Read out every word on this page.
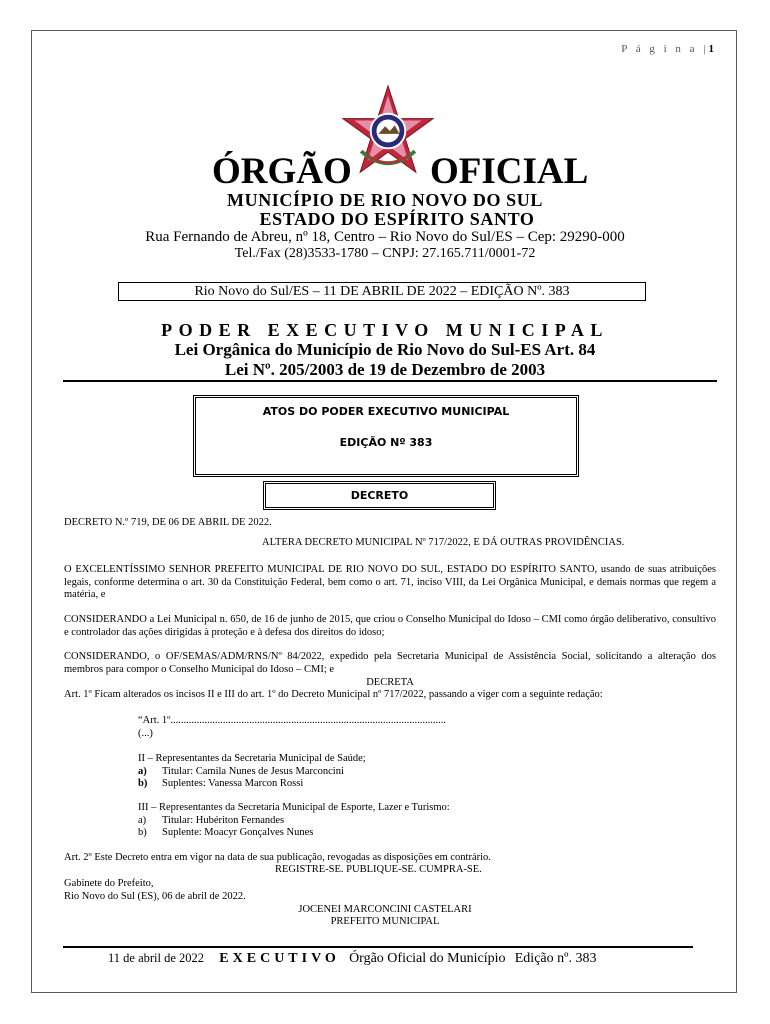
P á g i n a |1
ÓRGÃO OFICIAL
MUNICÍPIO DE RIO NOVO DO SUL
ESTADO DO ESPÍRITO SANTO
Rua Fernando de Abreu, nº 18, Centro – Rio Novo do Sul/ES – Cep: 29290-000
Tel./Fax (28)3533-1780 – CNPJ: 27.165.711/0001-72
Rio Novo do Sul/ES – 11 DE ABRIL DE 2022 – EDIÇÃO Nº. 383
PODER EXECUTIVO MUNICIPAL
Lei Orgânica do Município de Rio Novo do Sul-ES Art. 84
Lei Nº. 205/2003 de 19 de Dezembro de 2003
ATOS DO PODER EXECUTIVO MUNICIPAL
EDIÇÃO Nº 383
DECRETO
DECRETO N.º 719, DE 06 DE ABRIL DE 2022.
ALTERA DECRETO MUNICIPAL Nº 717/2022, E DÁ OUTRAS PROVIDÊNCIAS.
O EXCELENTÍSSIMO SENHOR PREFEITO MUNICIPAL DE RIO NOVO DO SUL, ESTADO DO ESPÍRITO SANTO, usando de suas atribuições legais, conforme determina o art. 30 da Constituição Federal, bem como o art. 71, inciso VIII, da Lei Orgânica Municipal, e demais normas que regem a matéria, e
CONSIDERANDO a Lei Municipal n. 650, de 16 de junho de 2015, que criou o Conselho Municipal do Idoso – CMI como órgão deliberativo, consultivo e controlador das ações dirigidas à proteção e à defesa dos direitos do idoso;
CONSIDERANDO, o OF/SEMAS/ADM/RNS/Nº 84/2022, expedido pela Secretaria Municipal de Assistência Social, solicitando a alteração dos membros para compor o Conselho Municipal do Idoso – CMI; e
DECRETA
Art. 1º Ficam alterados os incisos II e III do art. 1º do Decreto Municipal nº 717/2022, passando a viger com a seguinte redação:
“Art. 1º.........................................................................................................
(...)
II – Representantes da Secretaria Municipal de Saúde;
a) Titular: Camila Nunes de Jesus Marconcini
b) Suplentes: Vanessa Marcon Rossi
III – Representantes da Secretaria Municipal de Esporte, Lazer e Turismo:
a) Titular: Hubériton Fernandes
b) Suplente: Moacyr Gonçalves Nunes
Art. 2º Este Decreto entra em vigor na data de sua publicação, revogadas as disposições em contrário.
REGISTRE-SE. PUBLIQUE-SE. CUMPRA-SE.
Gabinete do Prefeito,
Rio Novo do Sul (ES), 06 de abril de 2022.
JOCENEI MARCONCINI CASTELARI
PREFEITO MUNICIPAL
11 de abril de 2022 EXECUTIVO Órgão Oficial do Município Edição nº. 383
